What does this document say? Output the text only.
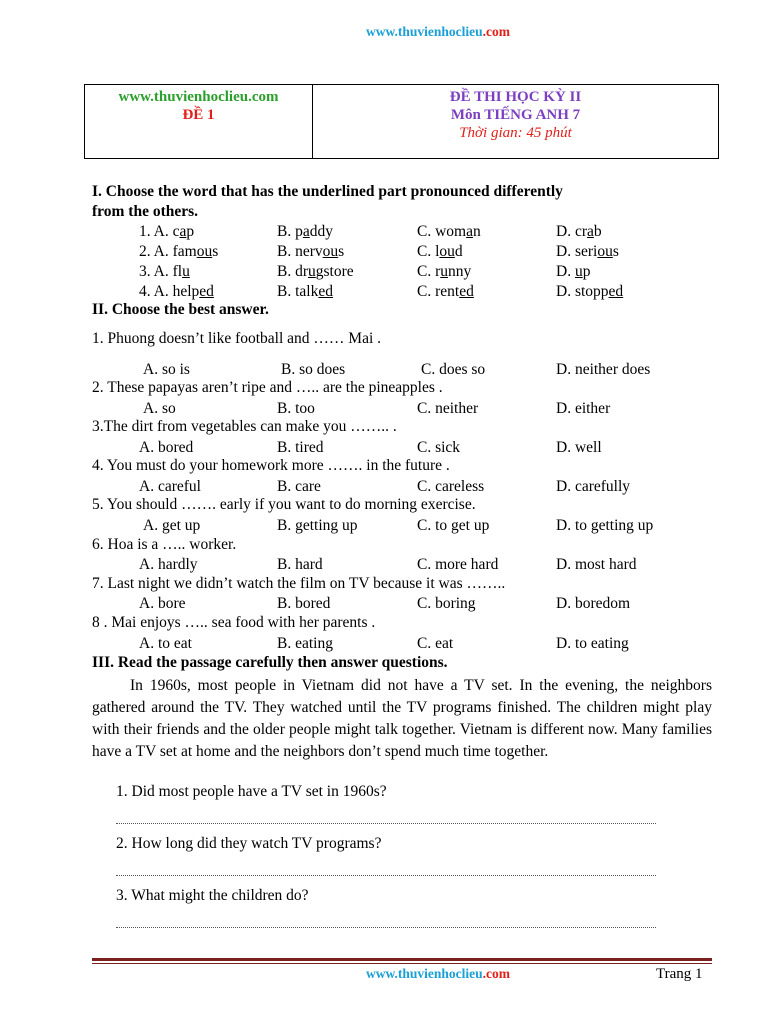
www.thuvienhoclieu.com
www.thuvienhoclieu.com
ĐỀ 1
ĐỀ THI HỌC KỲ II
Môn TIẾNG ANH 7
Thời gian: 45 phút
I. Choose the word that has the underlined part pronounced differently
from the others.
1. A. cap	B. paddy	C. woman	D. crab
2. A. famous	B. nervous	C. loud	D. serious
3. A. flu	B. drugstore	C. runny	D. up
4. A. helped	B. talked	C. rented	D. stopped
II. Choose the best answer.
1. Phuong doesn’t like football and …… Mai .
A. so is	B. so does	C. does so	D. neither does
2. These papayas aren’t ripe and ….. are the pineapples .
A. so	B. too	C. neither	D. either
3.The dirt from vegetables can make you …….. .
A. bored	B. tired	C. sick	D. well
4. You must do your homework more ……. in the future .
A. careful	B. care	C. careless	D. carefully
5. You should ……. early if you want to do morning exercise.
A. get up	B. getting up	C. to get up	D. to getting up
6. Hoa is a ….. worker.
A. hardly	B. hard	C. more hard	D. most hard
7. Last night we didn’t watch the film on TV because it was ……..
A. bore	B. bored	C. boring	D. boredom
8 . Mai enjoys ….. sea food with her parents .
A. to eat	B. eating	C. eat	D. to eating
III. Read the passage carefully then answer questions.
In 1960s, most people in Vietnam did not have a TV set. In the evening, the neighbors gathered around the TV. They watched until the TV programs finished. The children might play with their friends and the older people might talk together. Vietnam is different now. Many families have a TV set at home and the neighbors don’t spend much time together.
1. Did most people have a TV set in 1960s?
2. How long did they watch TV programs?
3. What might the children do?
www.thuvienhoclieu.com	Trang 1
